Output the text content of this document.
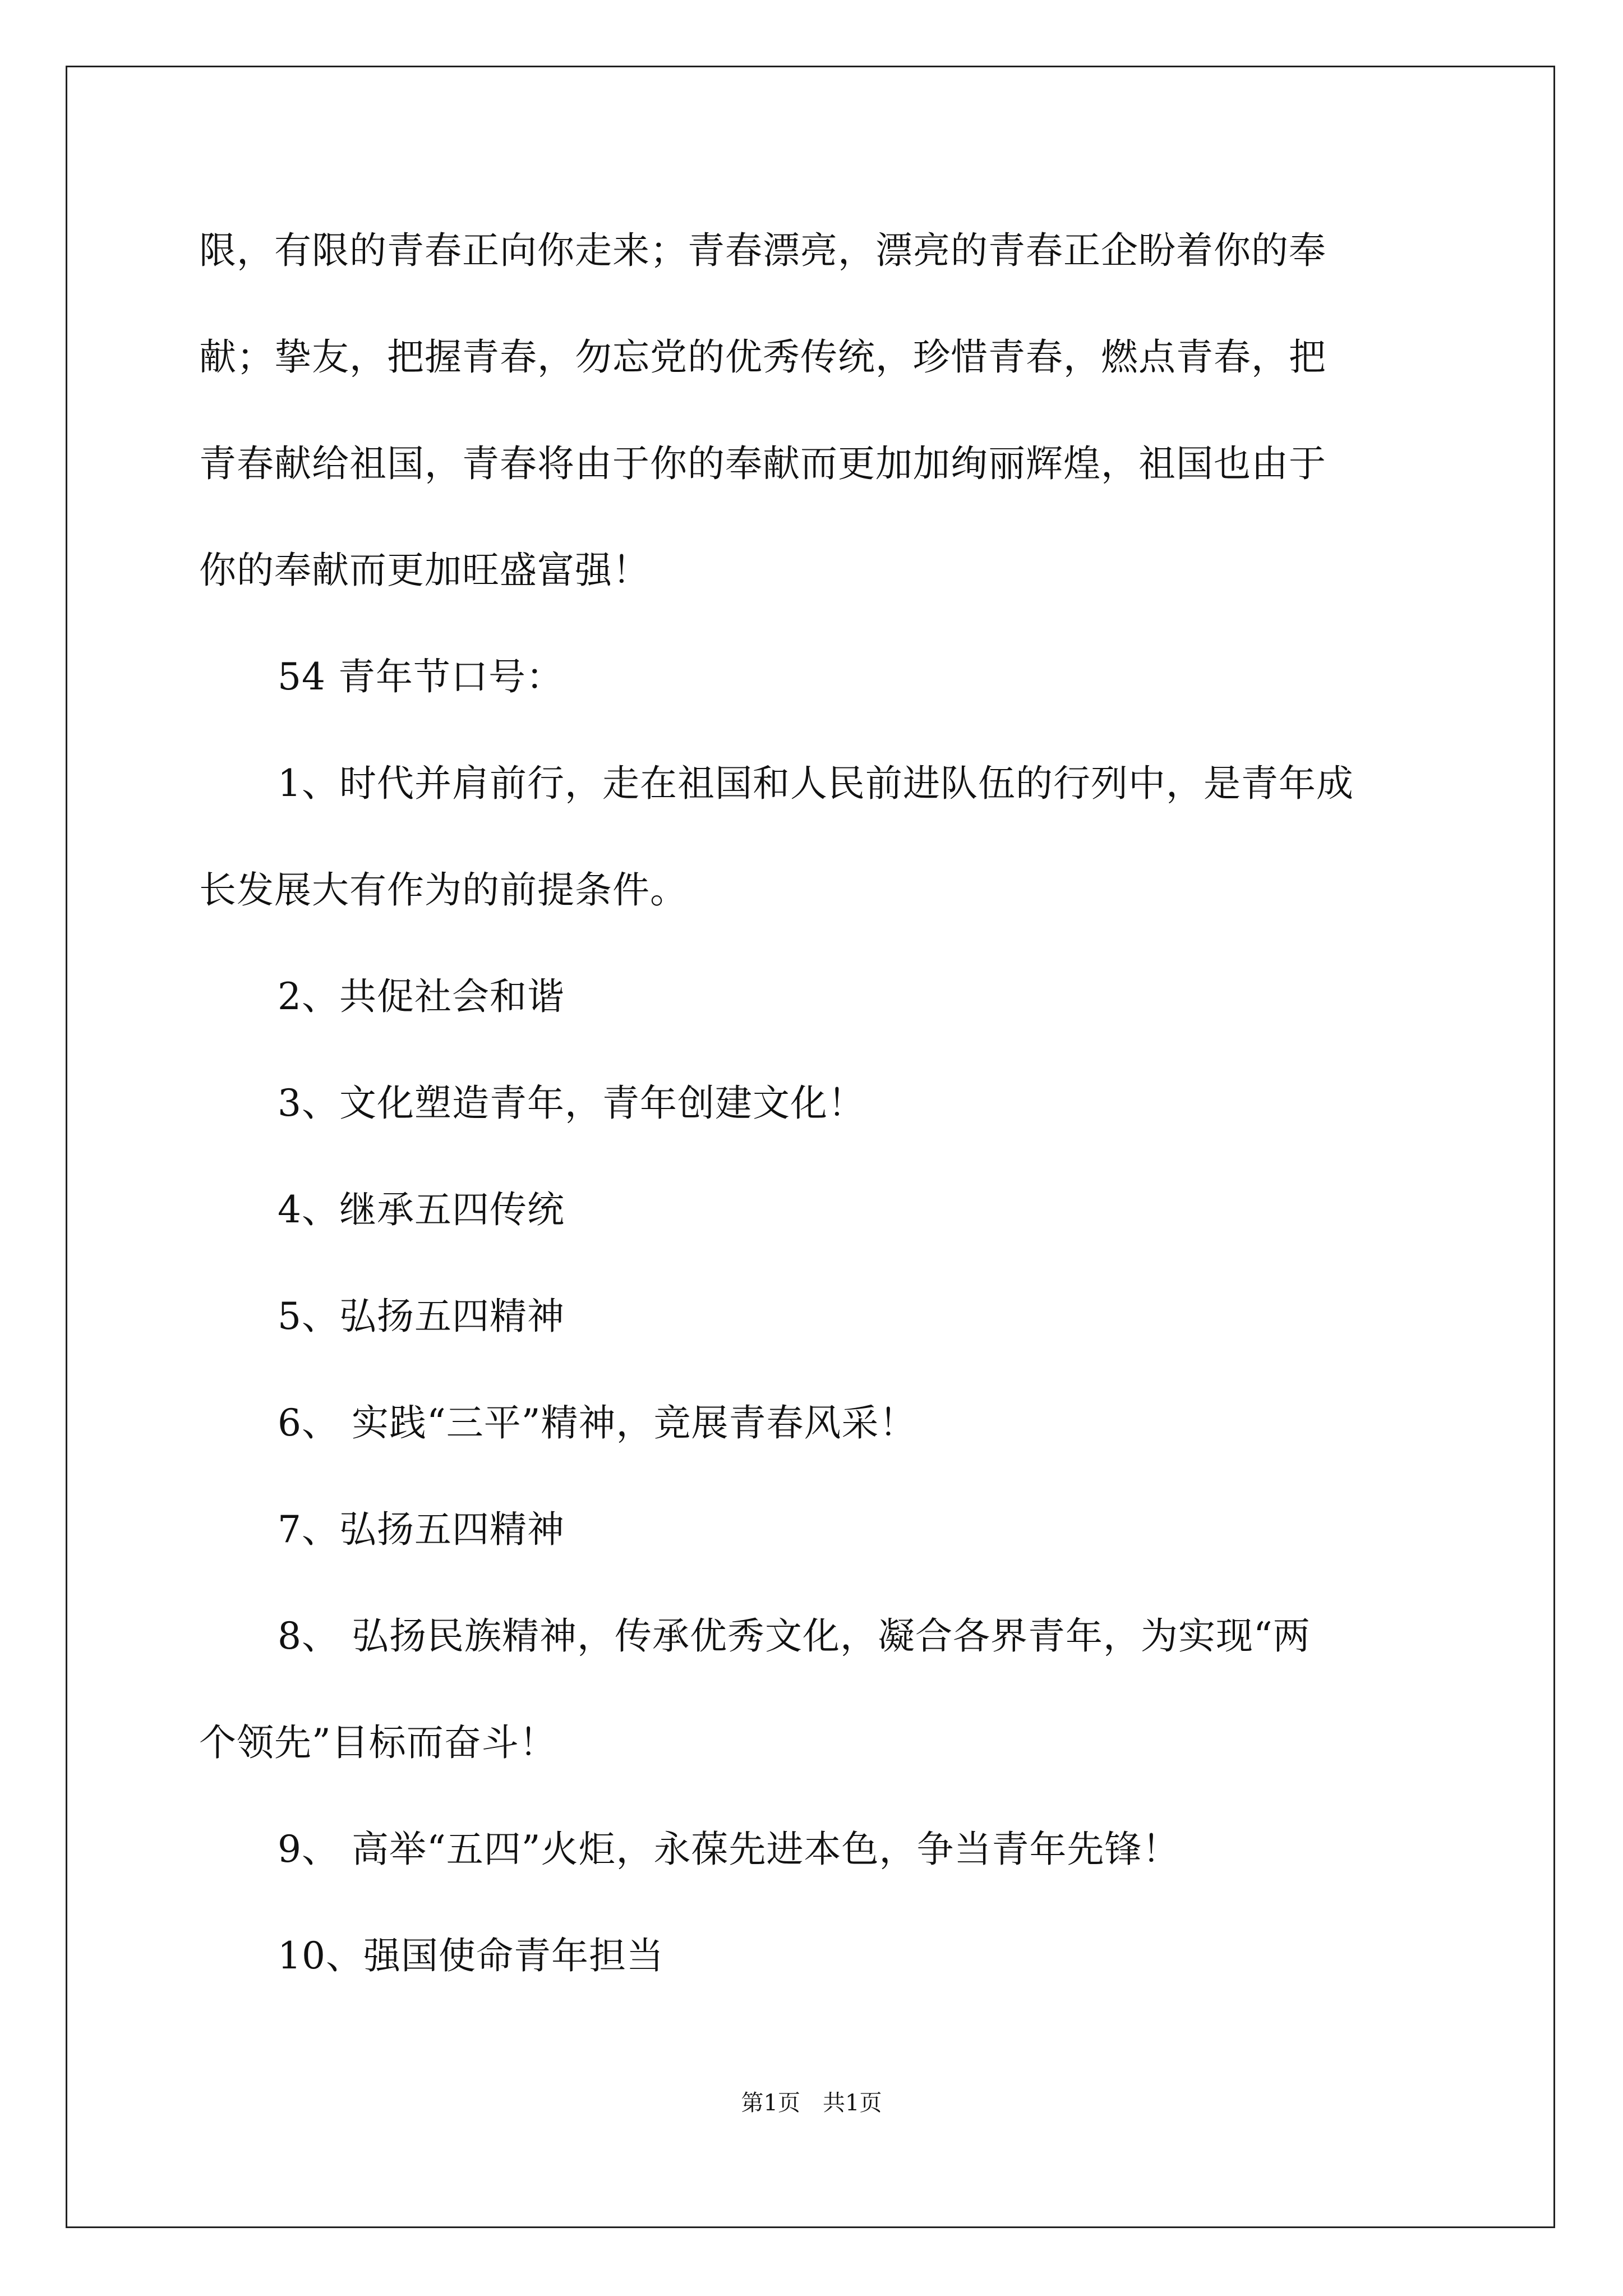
限，有限的青春正向你走来；青春漂亮，漂亮的青春正企盼着你的奉
献；挚友，把握青春，勿忘党的优秀传统，珍惜青春，燃点青春，把
青春献给祖国，青春将由于你的奉献而更加加绚丽辉煌，祖国也由于
你的奉献而更加旺盛富强！
54 青年节口号：
1、时代并肩前行，走在祖国和人民前进队伍的行列中，是青年成
长发展大有作为的前提条件。
2、共促社会和谐
3、文化塑造青年，青年创建文化！
4、继承五四传统
5、弘扬五四精神
6、 实践“三平”精神，竞展青春风采！
7、弘扬五四精神
8、 弘扬民族精神，传承优秀文化，凝合各界青年，为实现“两
个领先”目标而奋斗！
9、 高举“五四”火炬，永葆先进本色，争当青年先锋！
10、强国使命青年担当
第1页　共1页
